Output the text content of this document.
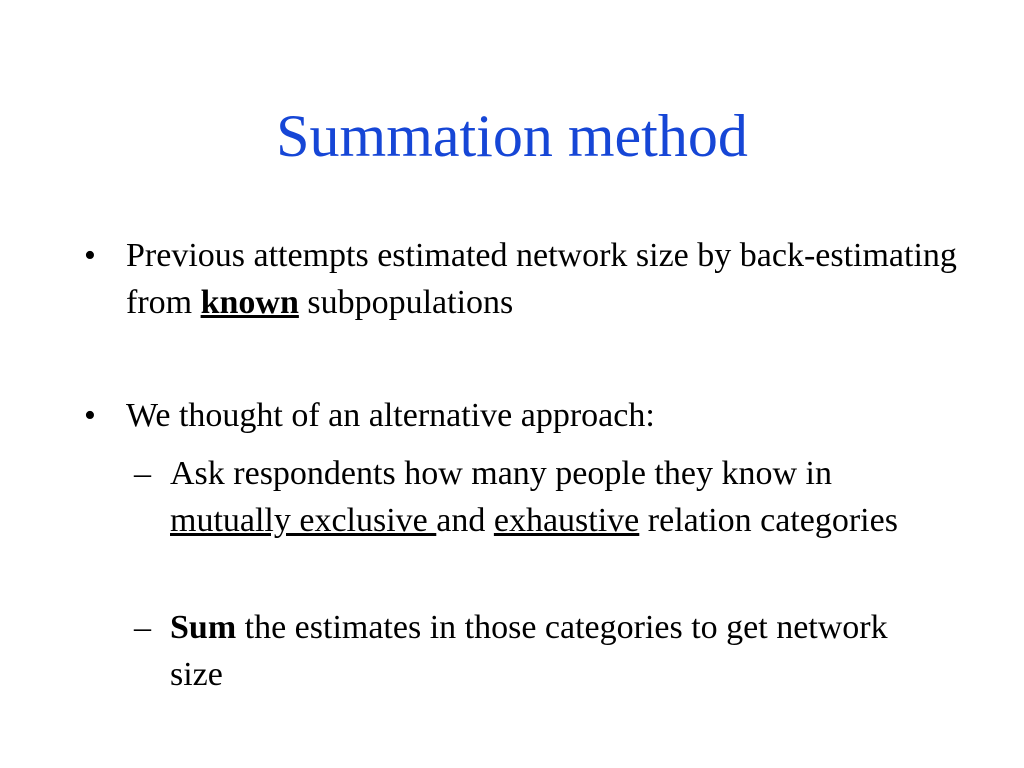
Summation method
• Previous attempts estimated network size by back-estimating from known subpopulations
• We thought of an alternative approach:
– Ask respondents how many people they know in mutually exclusive and exhaustive relation categories
– Sum the estimates in those categories to get network size
